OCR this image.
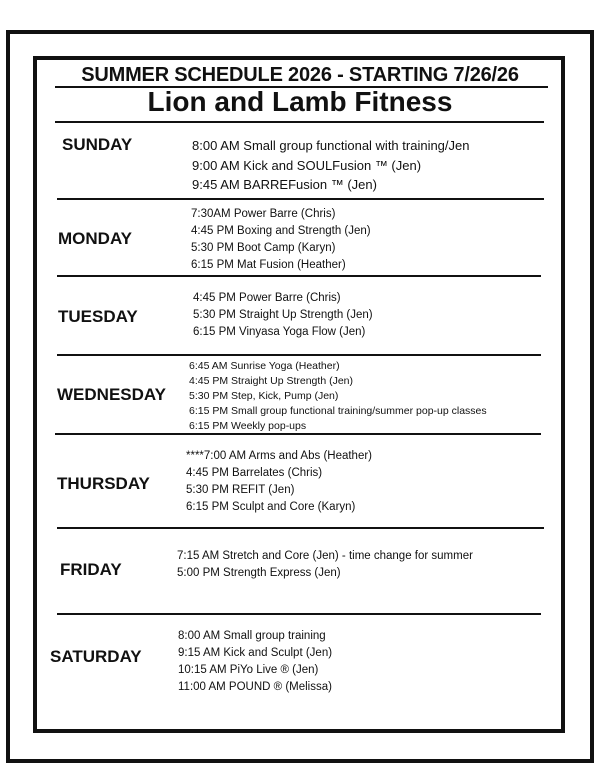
SUMMER SCHEDULE 2026 - STARTING 7/26/26
Lion and Lamb Fitness
SUNDAY	8:00 AM Small group functional with training/Jen
9:00 AM Kick and SOULFusion ™ (Jen)
9:45 AM BARREFusion ™ (Jen)
MONDAY
7:30AM Power Barre (Chris)
4:45 PM Boxing and Strength (Jen)
5:30 PM Boot Camp (Karyn)
6:15 PM Mat Fusion (Heather)
TUESDAY
4:45 PM Power Barre (Chris)
5:30 PM Straight Up Strength (Jen)
6:15 PM Vinyasa Yoga Flow (Jen)
WEDNESDAY
6:45 AM Sunrise Yoga (Heather)
4:45 PM Straight Up Strength (Jen)
5:30 PM Step, Kick, Pump (Jen)
6:15 PM Small group functional training/summer pop-up classes
6:15 PM Weekly pop-ups
THURSDAY
****7:00 AM Arms and Abs (Heather)
4:45 PM Barrelates (Chris)
5:30 PM REFIT (Jen)
6:15 PM Sculpt and Core (Karyn)
FRIDAY
7:15 AM Stretch and Core (Jen) - time change for summer
5:00 PM Strength Express (Jen)
SATURDAY
8:00 AM Small group training
9:15 AM Kick and Sculpt (Jen)
10:15 AM PiYo Live ® (Jen)
11:00 AM POUND ® (Melissa)
